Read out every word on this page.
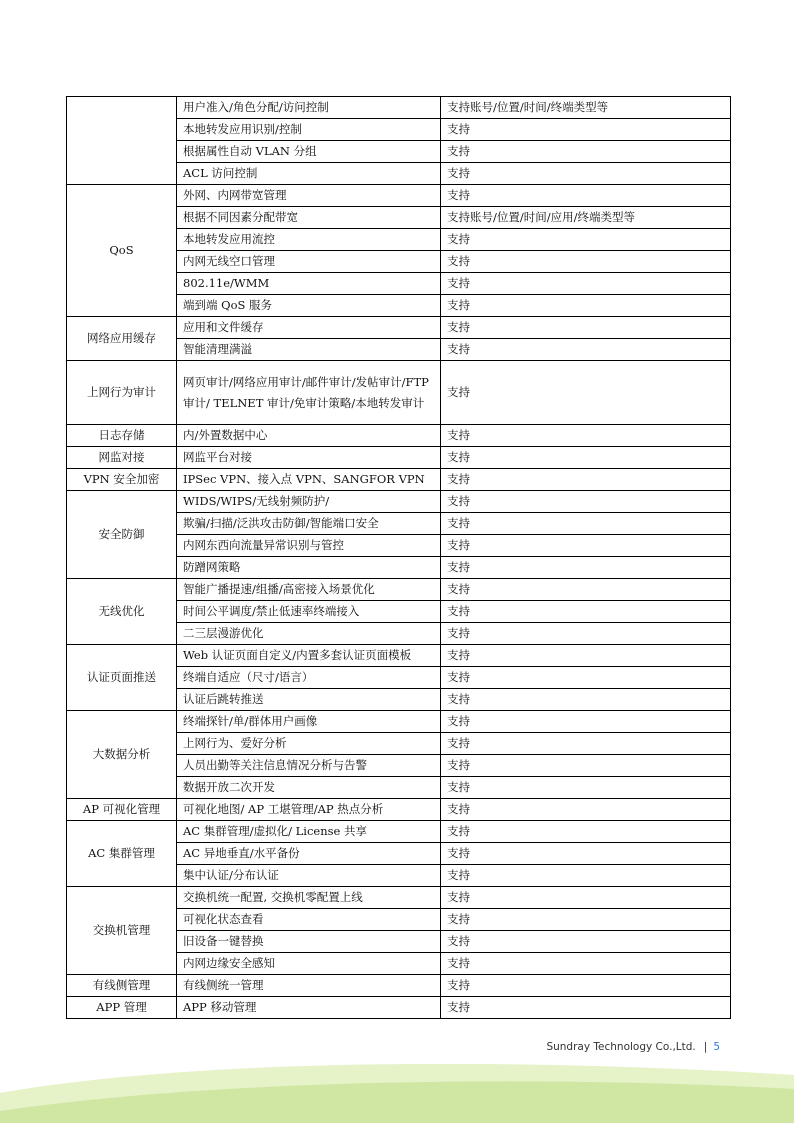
	用户准入/角色分配/访问控制	支持账号/位置/时间/终端类型等
	本地转发应用识别/控制	支持
	根据属性自动 VLAN 分组	支持
	ACL 访问控制	支持
QoS	外网、内网带宽管理	支持
	根据不同因素分配带宽	支持账号/位置/时间/应用/终端类型等
	本地转发应用流控	支持
	内网无线空口管理	支持
	802.11e/WMM	支持
	端到端 QoS 服务	支持
网络应用缓存	应用和文件缓存	支持
	智能清理满溢	支持
上网行为审计	网页审计/网络应用审计/邮件审计/发帖审计/FTP 审计/ TELNET 审计/免审计策略/本地转发审计	支持
日志存储	内/外置数据中心	支持
网监对接	网监平台对接	支持
VPN 安全加密	IPSec VPN、接入点 VPN、SANGFOR VPN	支持
安全防御	WIDS/WIPS/无线射频防护/	支持
	欺骗/扫描/泛洪攻击防御/智能端口安全	支持
	内网东西向流量异常识别与管控	支持
	防蹭网策略	支持
无线优化	智能广播提速/组播/高密接入场景优化	支持
	时间公平调度/禁止低速率终端接入	支持
	二三层漫游优化	支持
认证页面推送	Web 认证页面自定义/内置多套认证页面模板	支持
	终端自适应（尺寸/语言）	支持
	认证后跳转推送	支持
大数据分析	终端探针/单/群体用户画像	支持
	上网行为、爱好分析	支持
	人员出勤等关注信息情况分析与告警	支持
	数据开放二次开发	支持
AP 可视化管理	可视化地图/ AP 工堪管理/AP 热点分析	支持
AC 集群管理	AC 集群管理/虚拟化/ License 共享	支持
	AC 异地垂直/水平备份	支持
	集中认证/分布认证	支持
交换机管理	交换机统一配置, 交换机零配置上线	支持
	可视化状态查看	支持
	旧设备一键替换	支持
	内网边缘安全感知	支持
有线侧管理	有线侧统一管理	支持
APP 管理	APP 移动管理	支持
Sundray Technology Co.,Ltd. | 5
